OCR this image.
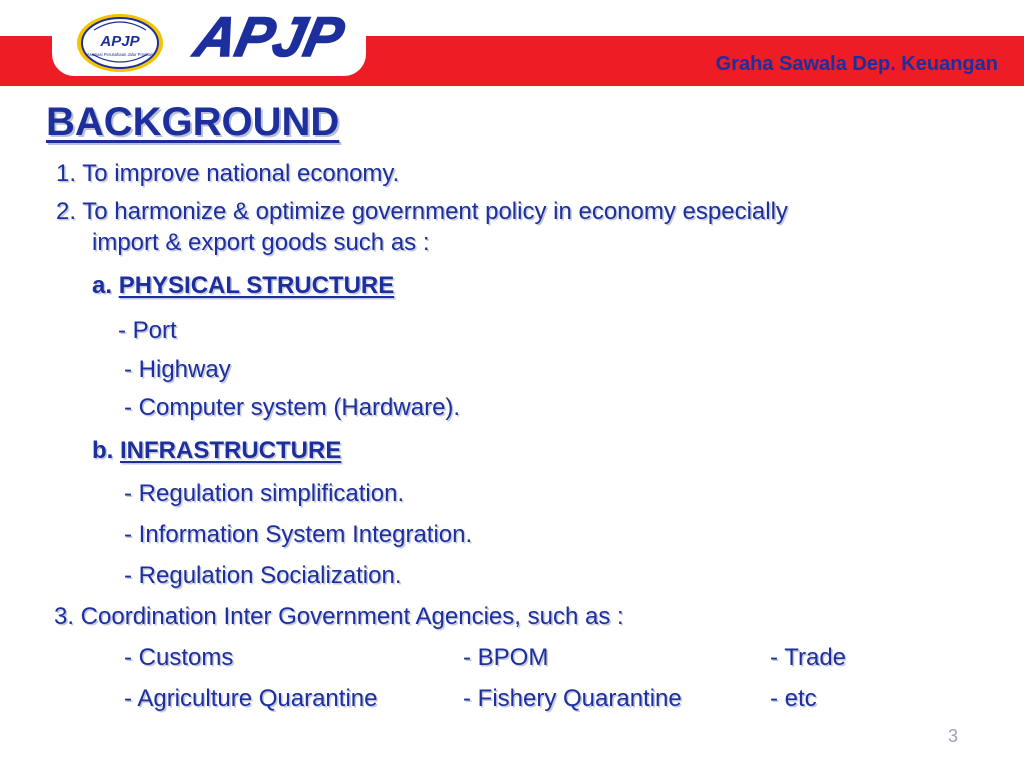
APJP
Asosiasi Perusahaan Jalur Prioritas APJP	Graha Sawala Dep. Keuangan
BACKGROUND
1. To improve national economy.
2. To harmonize & optimize government policy in economy especially
import & export goods such as :
a. PHYSICAL STRUCTURE
- Port
- Highway
- Computer system (Hardware).
b. INFRASTRUCTURE
- Regulation simplification.
- Information System Integration.
- Regulation Socialization.
3. Coordination Inter Government Agencies, such as :
- Customs	- BPOM	- Trade
- Agriculture Quarantine	- Fishery Quarantine	- etc
3
